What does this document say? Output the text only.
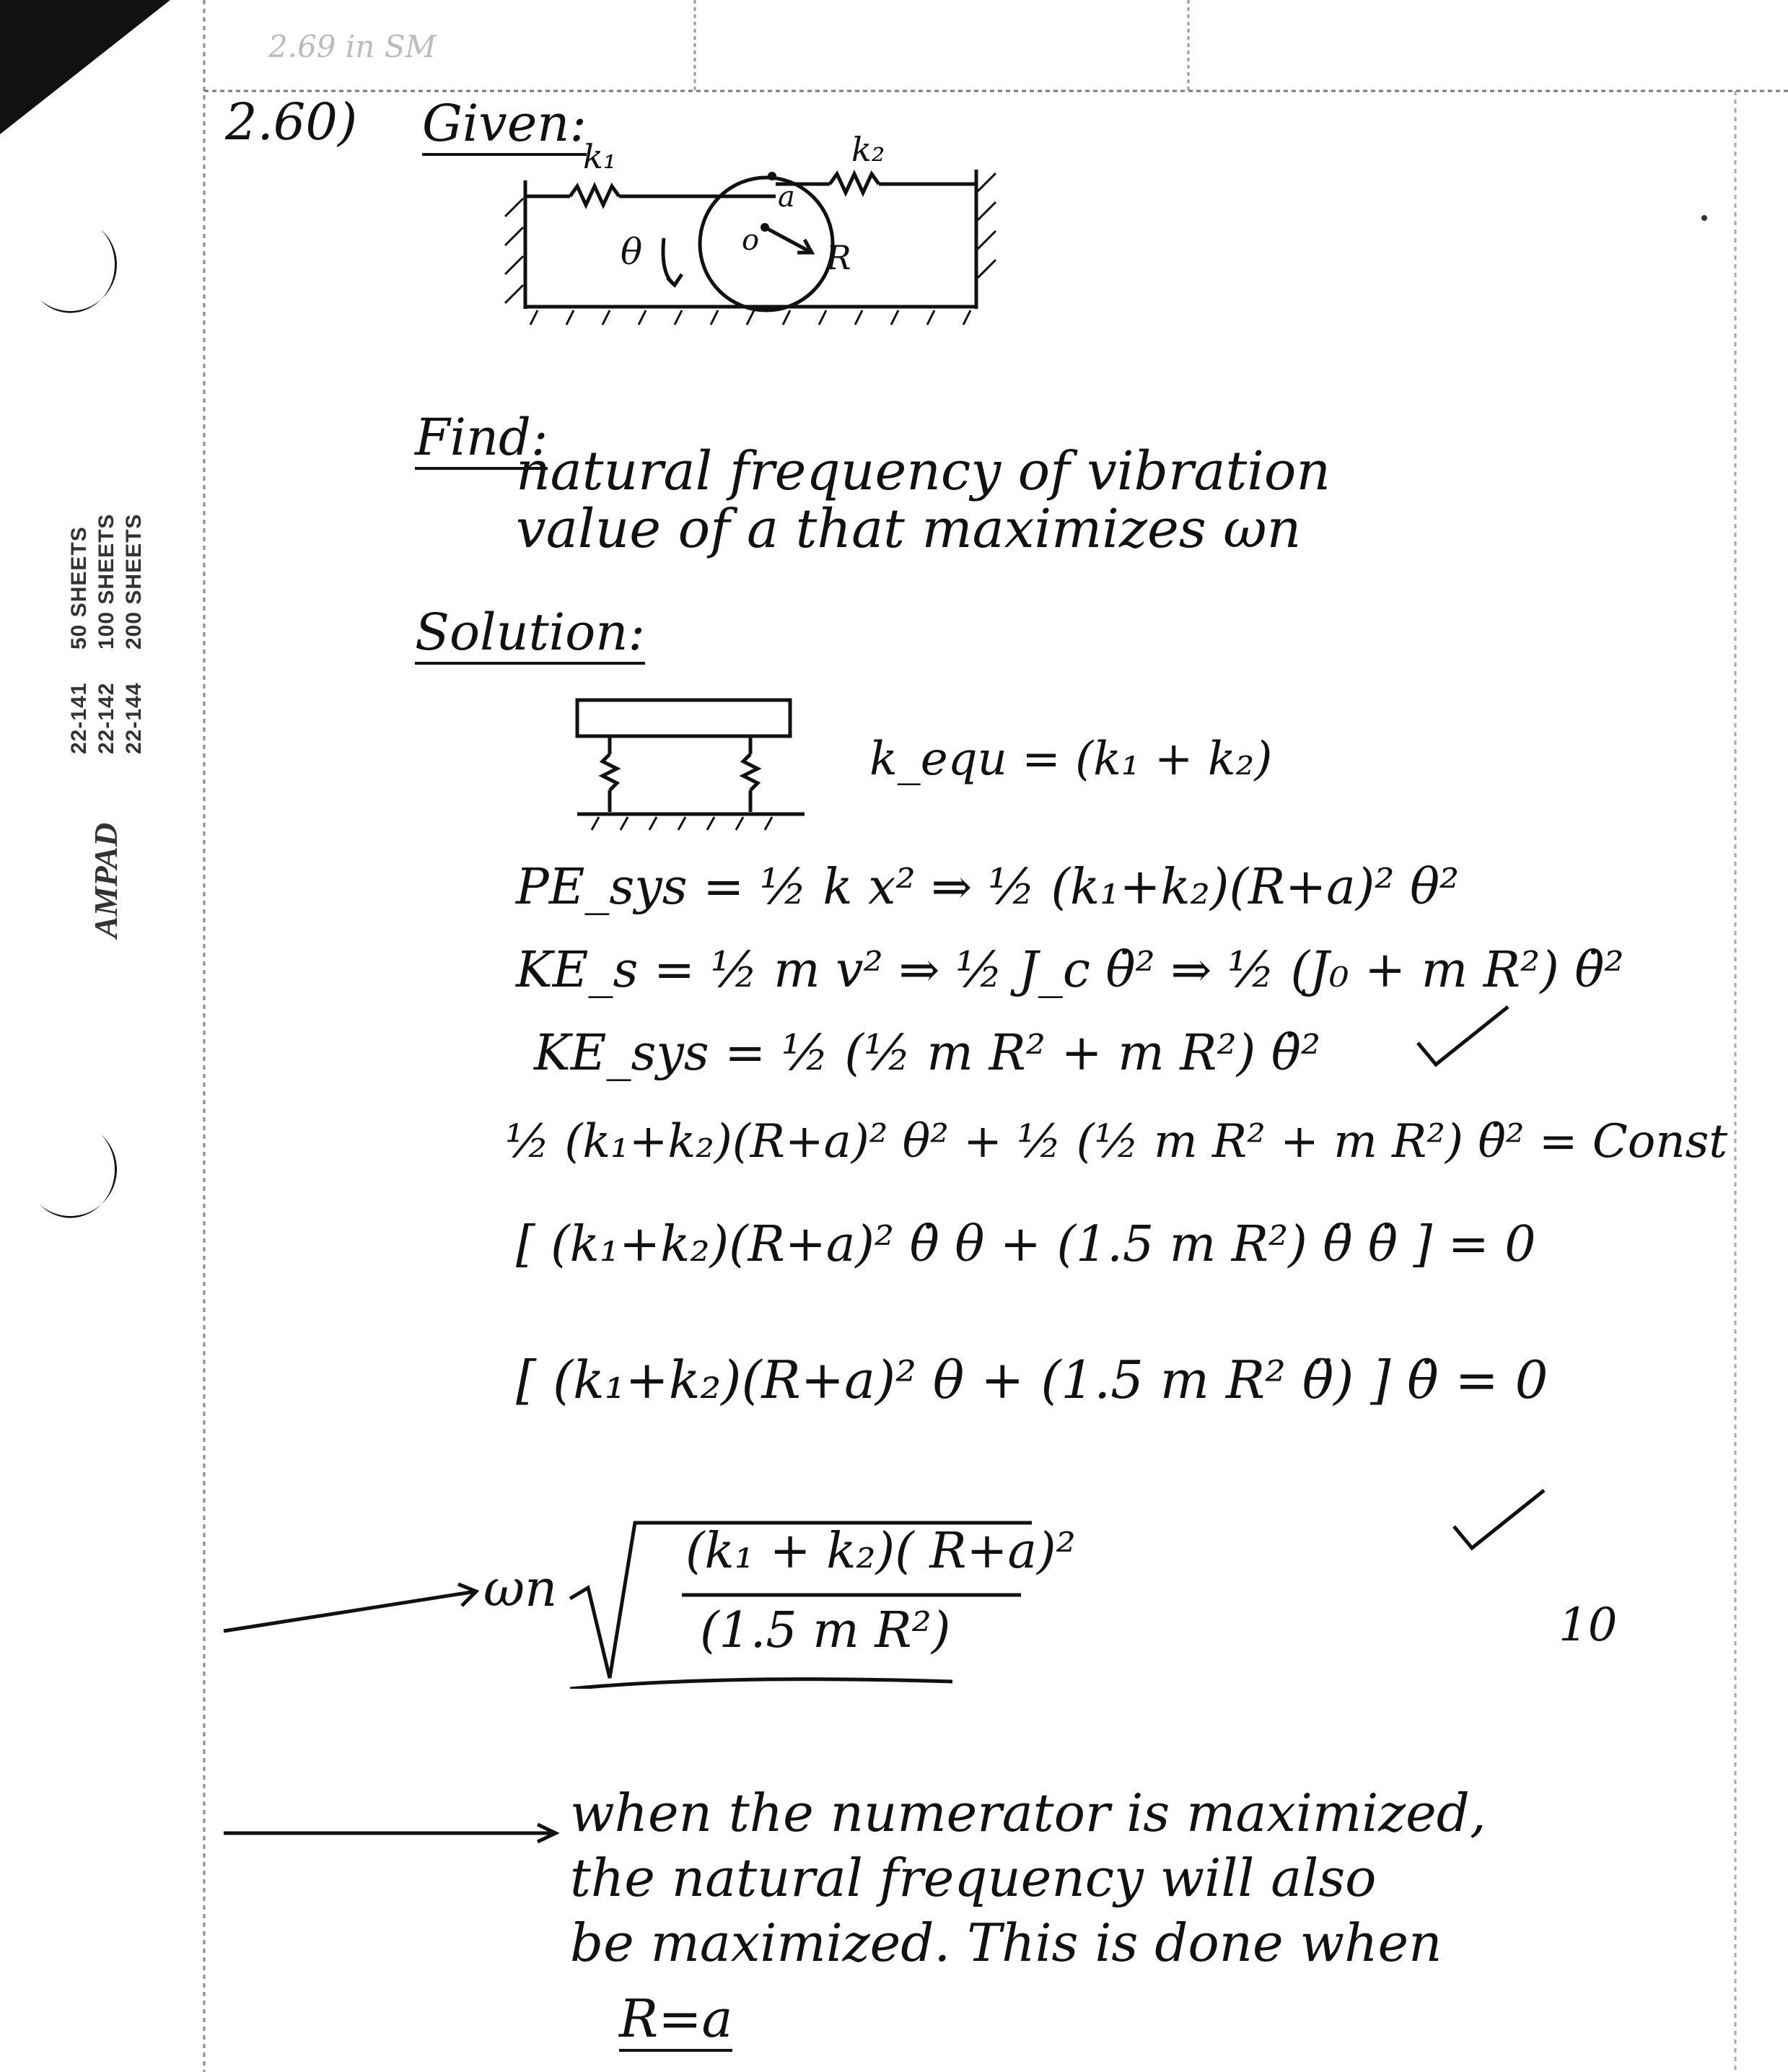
AMPAD
22-141 22-142 22-144
50 SHEETS 100 SHEETS 200 SHEETS
2.69 in SM
2.60) Given:
k₁	k₂
a
o
θ	R
Find:
natural frequency of vibration
value of a that maximizes ωn
Solution:
k_equ = (k₁ + k₂)
PE_sys = ½ k x² ⇒ ½ (k₁+k₂)(R+a)² θ²
KE_s = ½ m v² ⇒ ½ J_c θ̇² ⇒ ½ (J₀ + m R²) θ̇²
KE_sys = ½ (½ m R² + m R²) θ̇²
½ (k₁+k₂)(R+a)² θ² + ½ (½ m R² + m R²) θ̇² = Const
[ (k₁+k₂)(R+a)² θ̇ θ + (1.5 m R²) θ̈ θ̇ ] = 0
[ (k₁+k₂)(R+a)² θ + (1.5 m R² θ̈) ] θ̇ = 0
ωn
(k₁ + k₂)( R+a)²
(1.5 m R²)	10
when the numerator is maximized,
the natural frequency will also
be maximized. This is done when
R=a
